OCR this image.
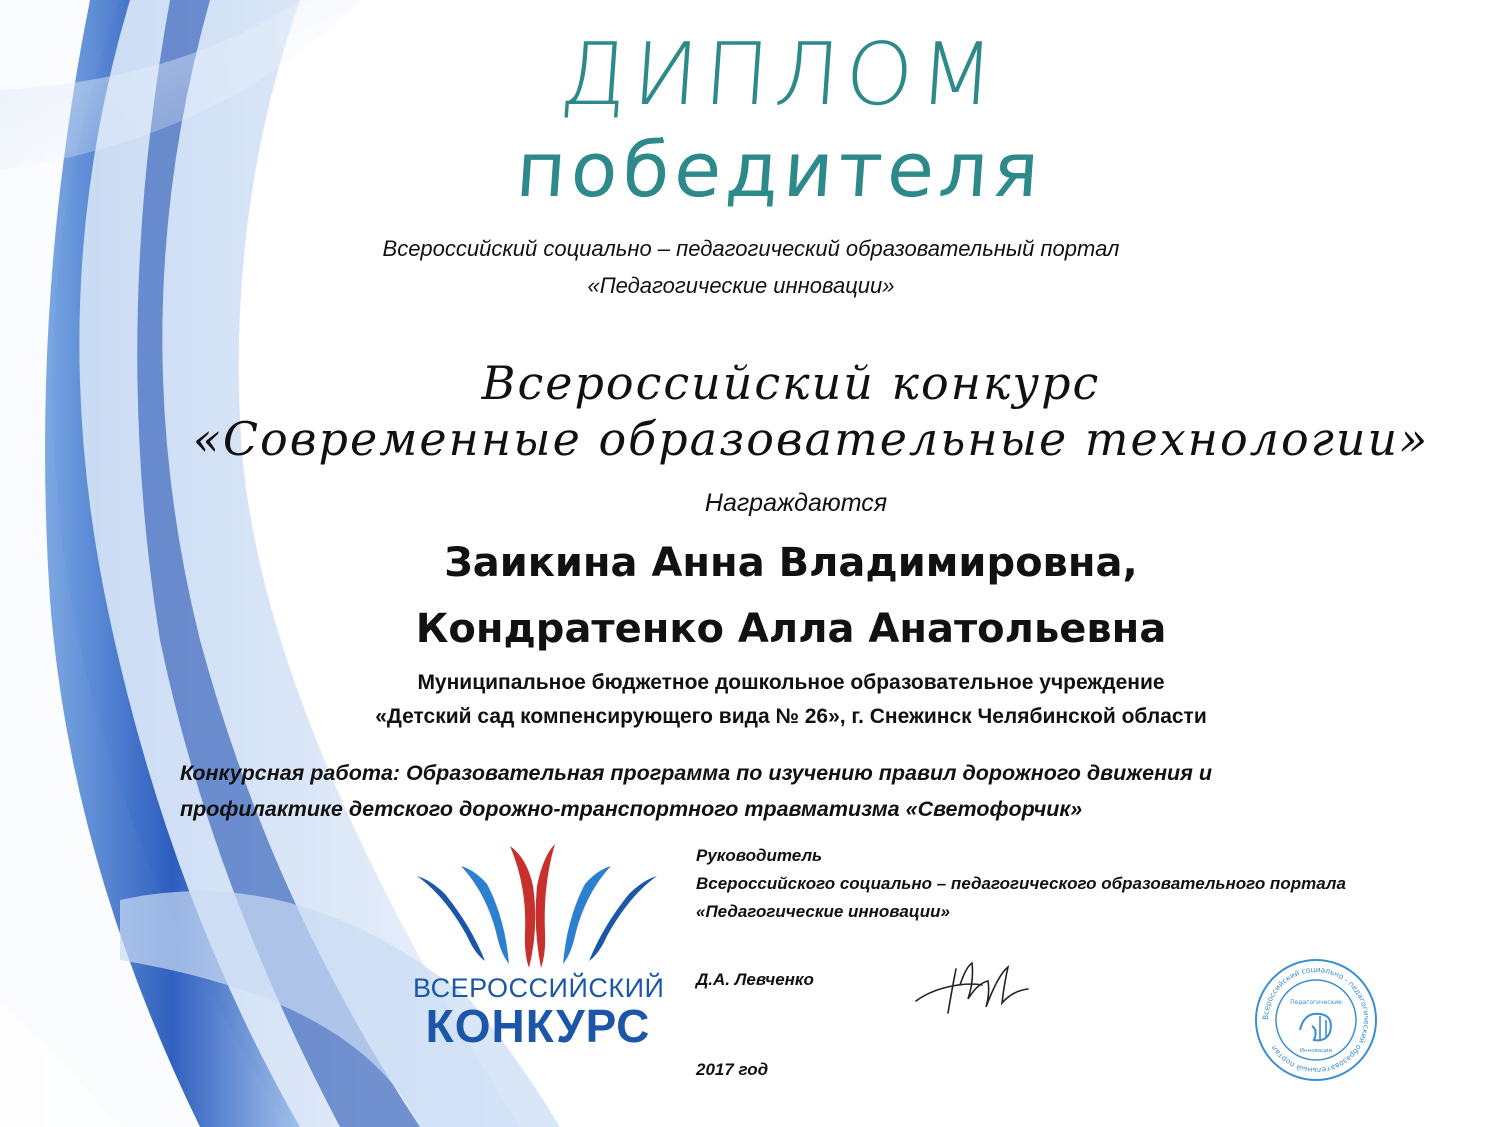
ДИПЛОМ
победителя
Всероссийский социально – педагогический образовательный портал
«Педагогические инновации»
Всероссийский конкурс
«Современные образовательные технологии»
Награждаются
Заикина Анна Владимировна,
Кондратенко Алла Анатольевна
Муниципальное бюджетное дошкольное образовательное учреждение
«Детский сад компенсирующего вида № 26», г. Снежинск Челябинской области
Конкурсная работа: Образовательная программа по изучению правил дорожного движения и
профилактике детского дорожно-транспортного травматизма «Светофорчик»
ВСЕРОССИЙСКИЙ
КОНКУРС
Руководитель
Всероссийского социально – педагогического образовательного портала
«Педагогические инновации»
Д.А. Левченко
2017 год
Всероссийский социально - педагогический образовательный портал
Педагогические
Инновации
